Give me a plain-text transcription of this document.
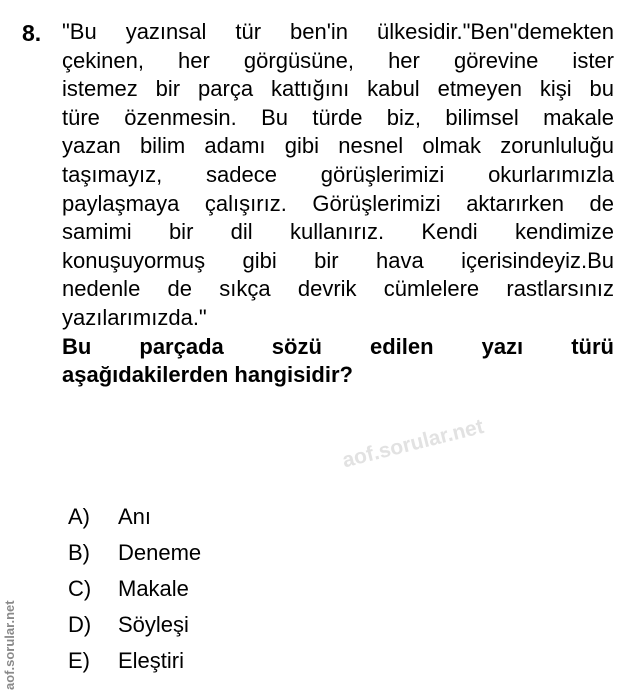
8. "Bu yazınsal tür ben'in ülkesidir."Ben"demekten
çekinen, her görgüsüne, her görevine ister
istemez bir parça kattığını kabul etmeyen kişi bu
türe özenmesin. Bu türde biz, bilimsel makale
yazan bilim adamı gibi nesnel olmak zorunluluğu
taşımayız, sadece görüşlerimizi okurlarımızla
paylaşmaya çalışırız. Görüşlerimizi aktarırken de
samimi bir dil kullanırız. Kendi kendimize
konuşuyormuş gibi bir hava içerisindeyiz.Bu
nedenle de sıkça devrik cümlelere rastlarsınız
yazılarımızda."
Bu parçada sözü edilen yazı türü
aşağıdakilerden hangisidir?
aof.sorular.net
A)	Anı
B)	Deneme
C)	Makale
D)	Söyleşi
E)	Eleştiri
aof.sorular.net
